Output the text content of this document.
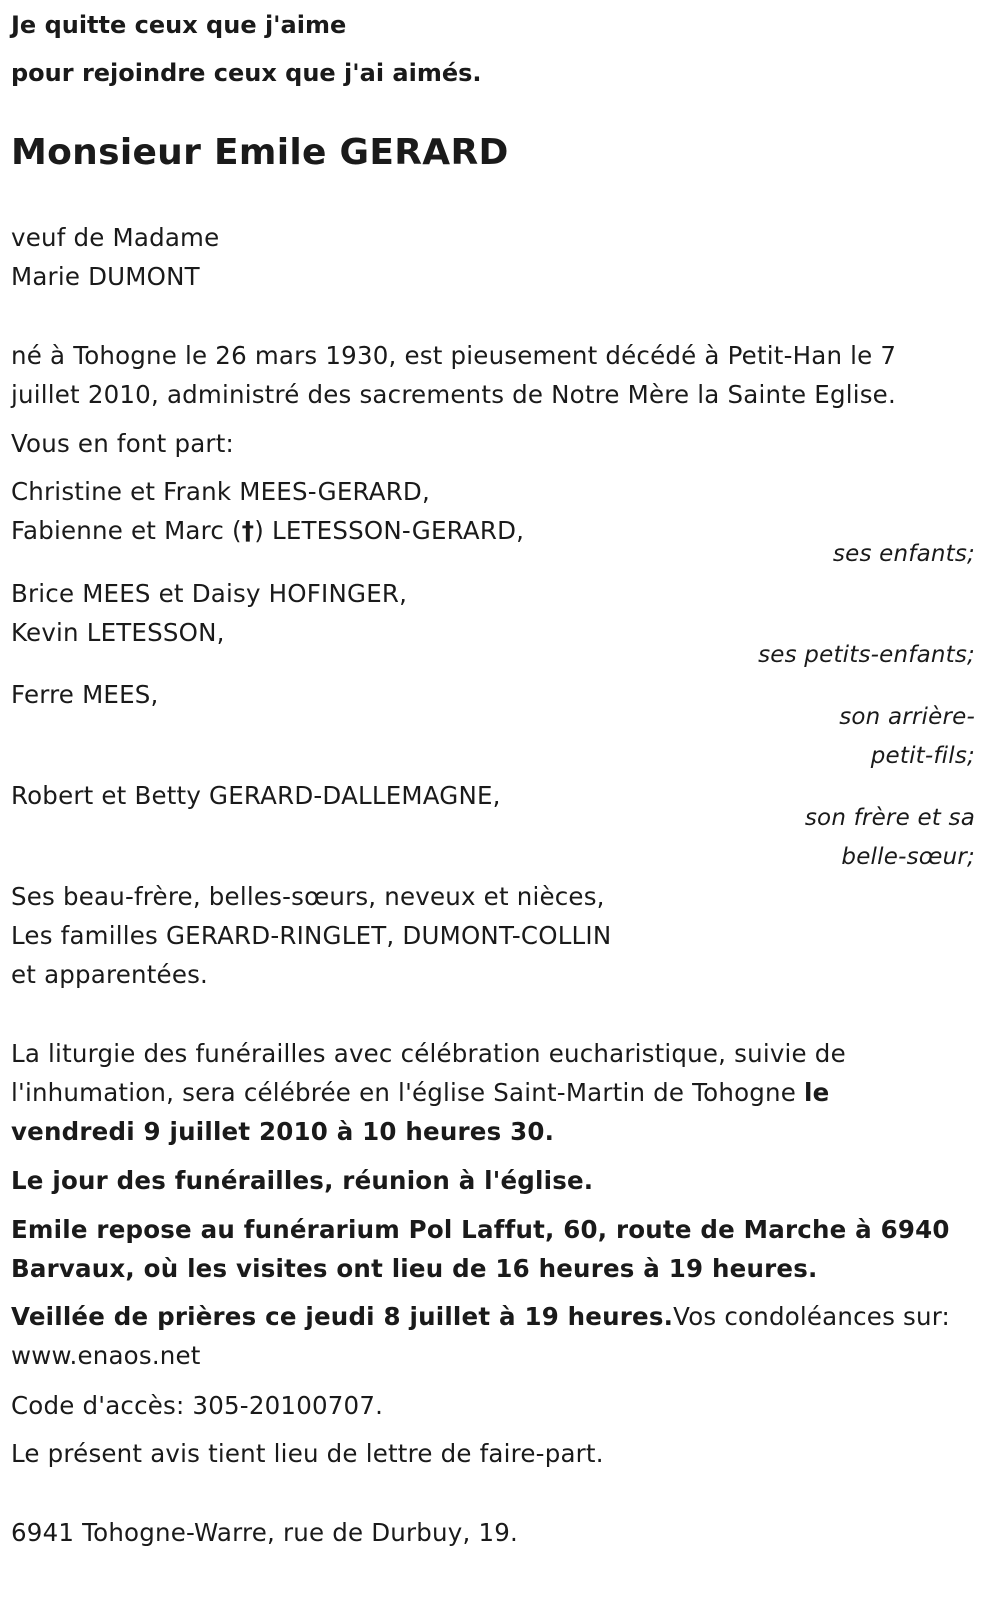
Je quitte ceux que j'aime
pour rejoindre ceux que j'ai aimés.
Monsieur Emile GERARD
veuf de Madame
Marie DUMONT
né à Tohogne le 26 mars 1930, est pieusement décédé à Petit-Han le 7
juillet 2010, administré des sacrements de Notre Mère la Sainte Eglise.
Vous en font part:
Christine et Frank MEES-GERARD,
Fabienne et Marc (†) LETESSON-GERARD,
ses enfants;
Brice MEES et Daisy HOFINGER,
Kevin LETESSON,
ses petits-enfants;
Ferre MEES,
son arrière-
petit-fils;
Robert et Betty GERARD-DALLEMAGNE,
son frère et sa
belle-sœur;
Ses beau-frère, belles-sœurs, neveux et nièces,
Les familles GERARD-RINGLET, DUMONT-COLLIN
et apparentées.
La liturgie des funérailles avec célébration eucharistique, suivie de
l'inhumation, sera célébrée en l'église Saint-Martin de Tohogne le
vendredi 9 juillet 2010 à 10 heures 30.
Le jour des funérailles, réunion à l'église.
Emile repose au funérarium Pol Laffut, 60, route de Marche à 6940
Barvaux, où les visites ont lieu de 16 heures à 19 heures.
Veillée de prières ce jeudi 8 juillet à 19 heures.Vos condoléances sur:
www.enaos.net
Code d'accès: 305-20100707.
Le présent avis tient lieu de lettre de faire-part.
6941 Tohogne-Warre, rue de Durbuy, 19.
